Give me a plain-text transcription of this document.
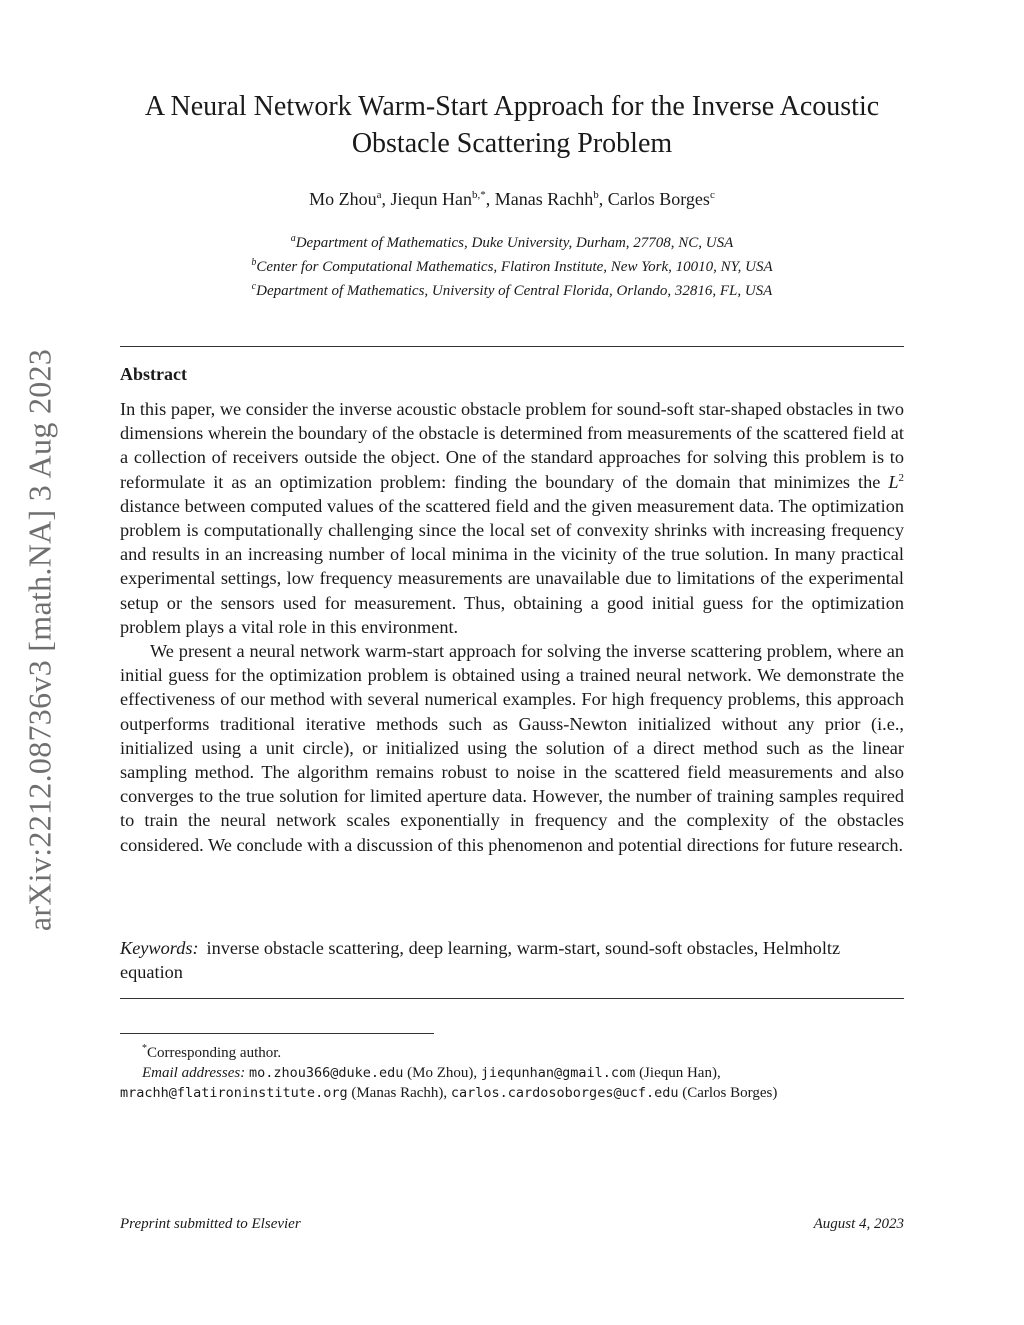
arXiv:2212.08736v3 [math.NA] 3 Aug 2023
A Neural Network Warm-Start Approach for the Inverse Acoustic
Obstacle Scattering Problem
Mo Zhou$^a$, Jiequn Han$^{b,*}$, Manas Rachh$^b$, Carlos Borges$^c$
$^a$Department of Mathematics, Duke University, Durham, 27708, NC, USA
$^b$Center for Computational Mathematics, Flatiron Institute, New York, 10010, NY, USA
$^c$Department of Mathematics, University of Central Florida, Orlando, 32816, FL, USA
Abstract

In this paper, we consider the inverse acoustic obstacle problem for sound-soft star-shaped obstacles in two dimensions wherein the boundary of the obstacle is determined from measurements of the scattered field at a collection of receivers outside the object. One of the standard approaches for solving this problem is to reformulate it as an optimization problem: finding the boundary of the domain that minimizes the $L^2$ distance between computed values of the scattered field and the given measurement data. The optimization problem is computationally challenging since the local set of convexity shrinks with increasing frequency and results in an increasing number of local minima in the vicinity of the true solution. In many practical experimental settings, low frequency measurements are unavailable due to limitations of the experimental setup or the sensors used for measurement. Thus, obtaining a good initial guess for the optimization problem plays a vital role in this environment.

We present a neural network warm-start approach for solving the inverse scattering problem, where an initial guess for the optimization problem is obtained using a trained neural network. We demonstrate the effectiveness of our method with several numerical examples. For high frequency problems, this approach outperforms traditional iterative methods such as Gauss-Newton initialized without any prior (i.e., initialized using a unit circle), or initialized using the solution of a direct method such as the linear sampling method. The algorithm remains robust to noise in the scattered field measurements and also converges to the true solution for limited aperture data. However, the number of training samples required to train the neural network scales exponentially in frequency and the complexity of the obstacles considered. We conclude with a discussion of this phenomenon and potential directions for future research.

Keywords: inverse obstacle scattering, deep learning, warm-start, sound-soft obstacles, Helmholtz equation
*Corresponding author.
Email addresses: mo.zhou366@duke.edu (Mo Zhou), jiequnhan@gmail.com (Jiequn Han),
mrachh@flatironinstitute.org (Manas Rachh), carlos.cardosoborges@ucf.edu (Carlos Borges)
Preprint submitted to Elsevier	August 4, 2023
